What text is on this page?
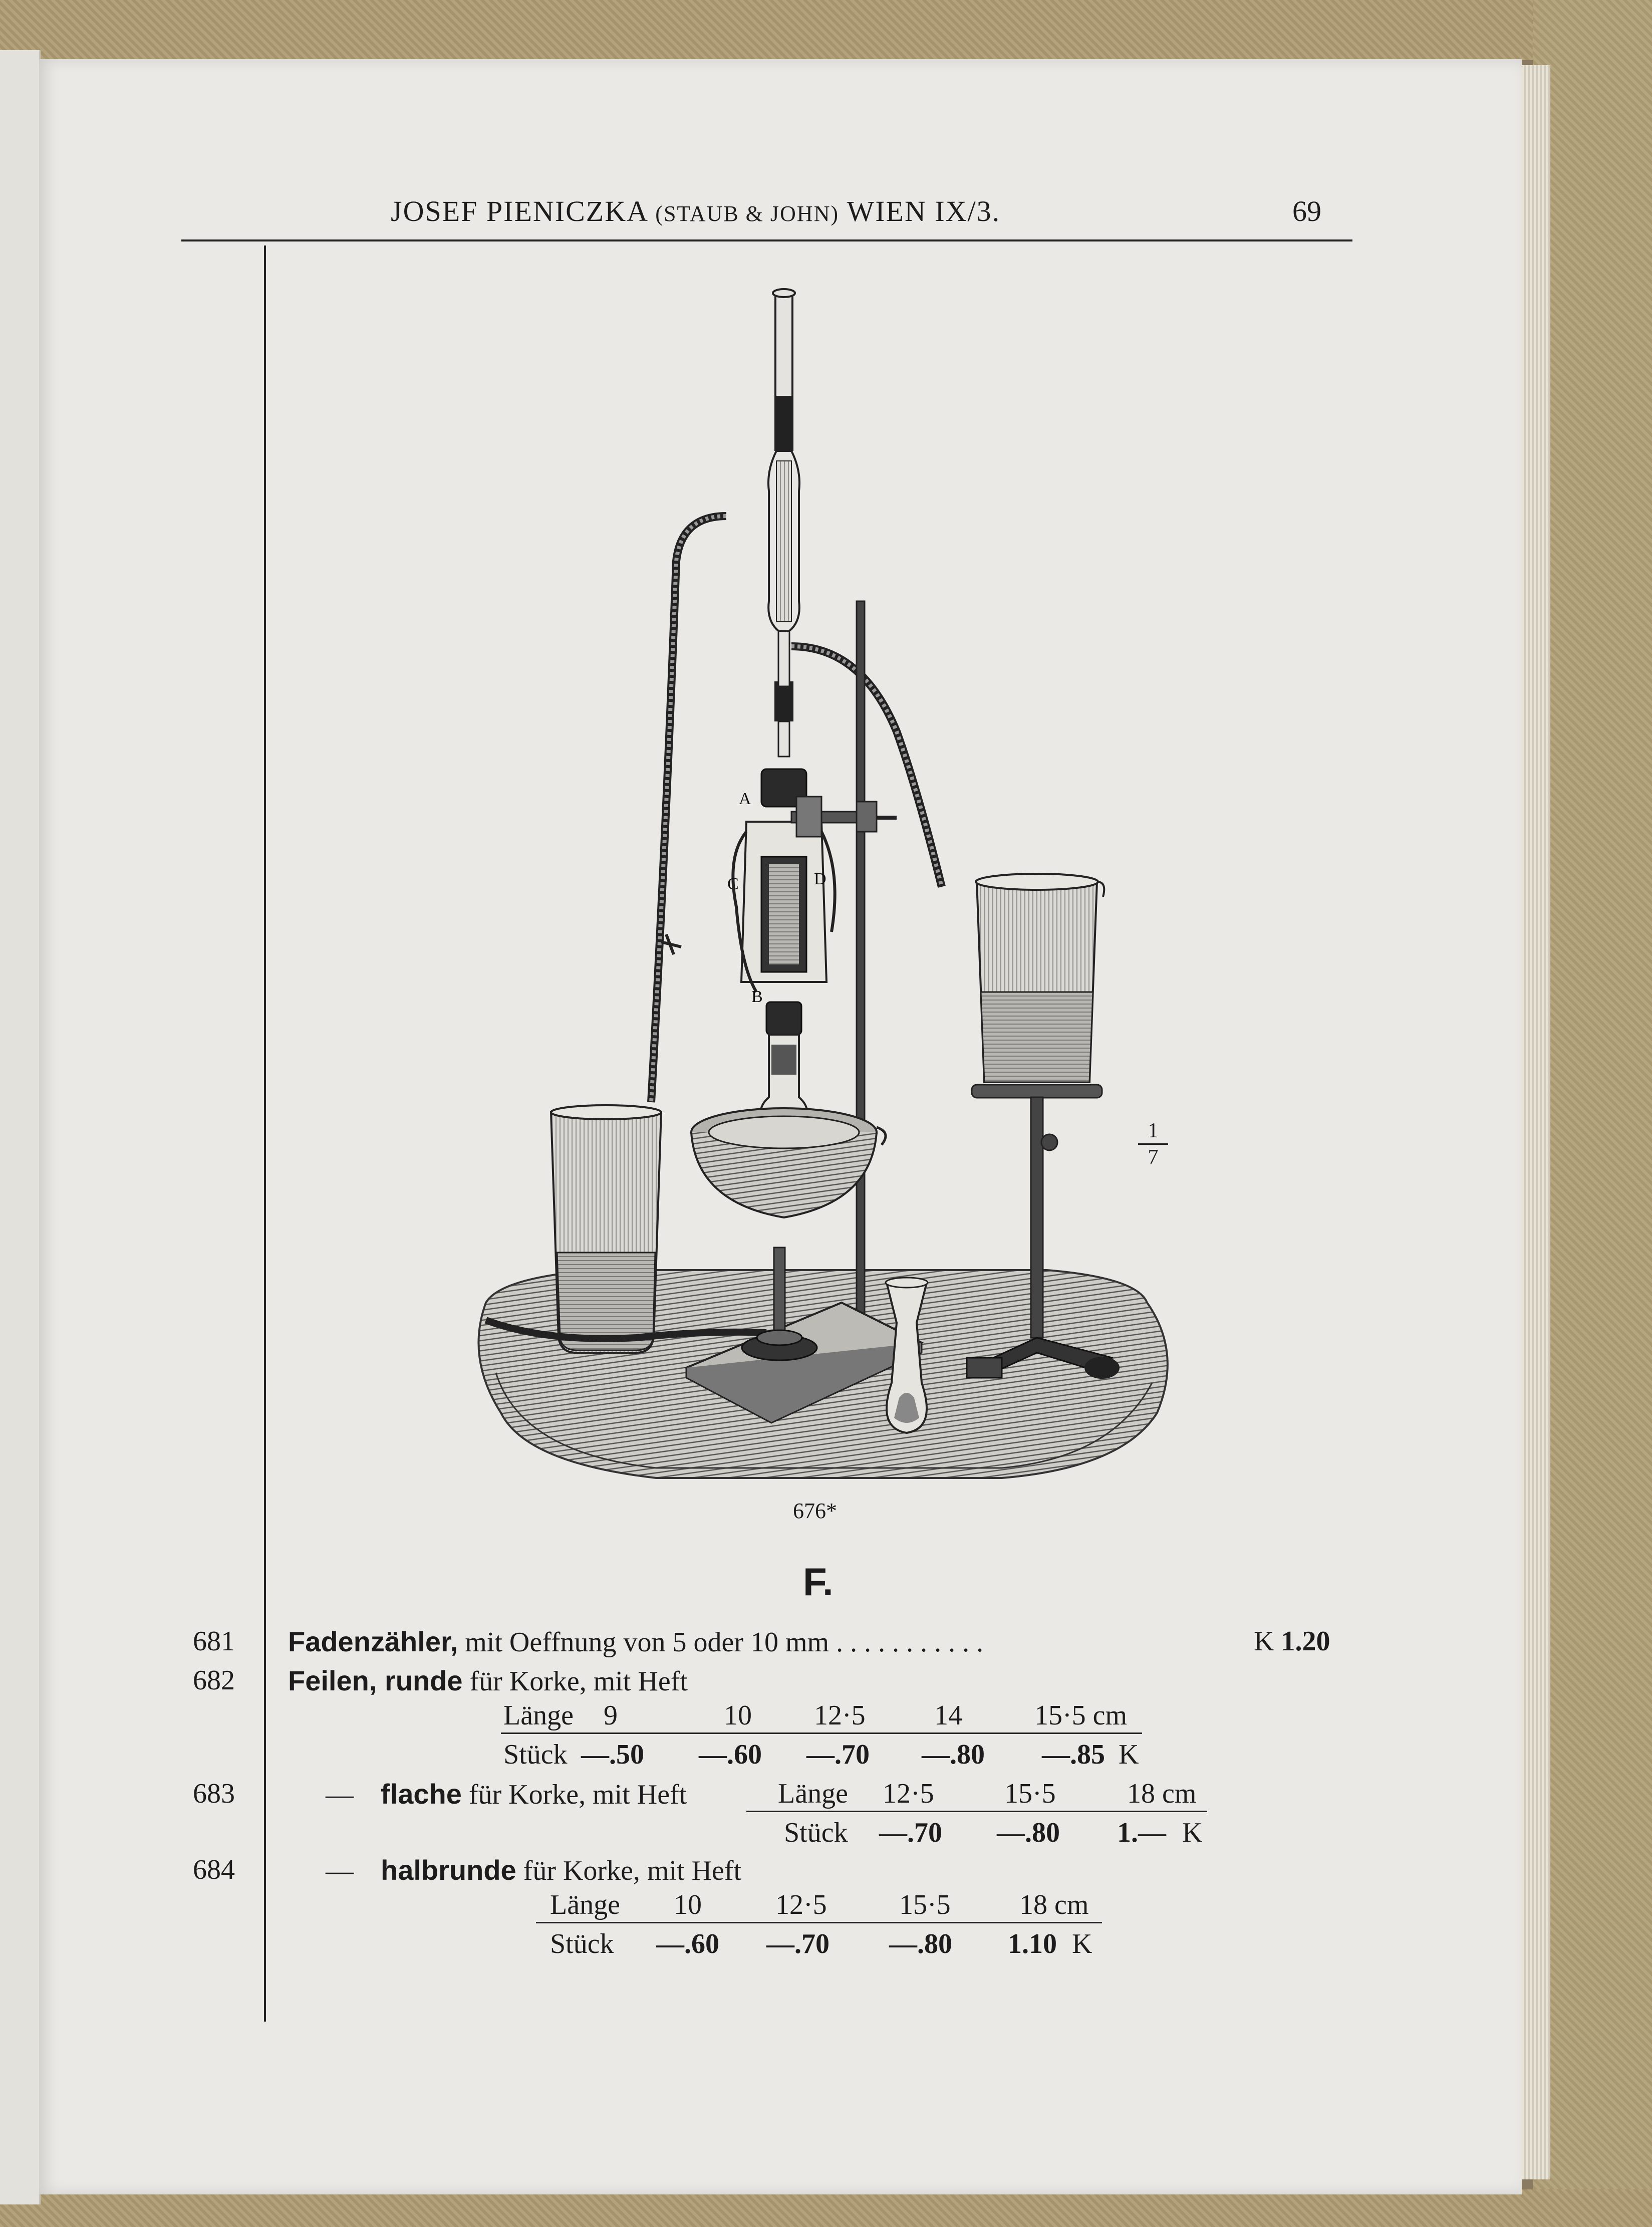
JOSEF PIENICZKA (STAUB & JOHN) WIEN IX/3.	69
A
C	D
B
676*
$\frac{1}{7}$
F.
681 Fadenzähler, mit Oeffnung von 5 oder 10 mm . . . . . . . . . . .	K 1.20
682 Feilen, runde für Korke, mit Heft
Länge 9	10 12·5 14	15·5 cm
Stück —.50 —.60 —.70 —.80 —.85 K
683	— flache für Korke, mit Heft	Länge 12·5	15·5	18 cm
Stück —.70 —.80 1.— K
684	— halbrunde für Korke, mit Heft
Länge 10	12·5	15·5 18 cm
Stück —.60 —.70 —.80 1.10 K
